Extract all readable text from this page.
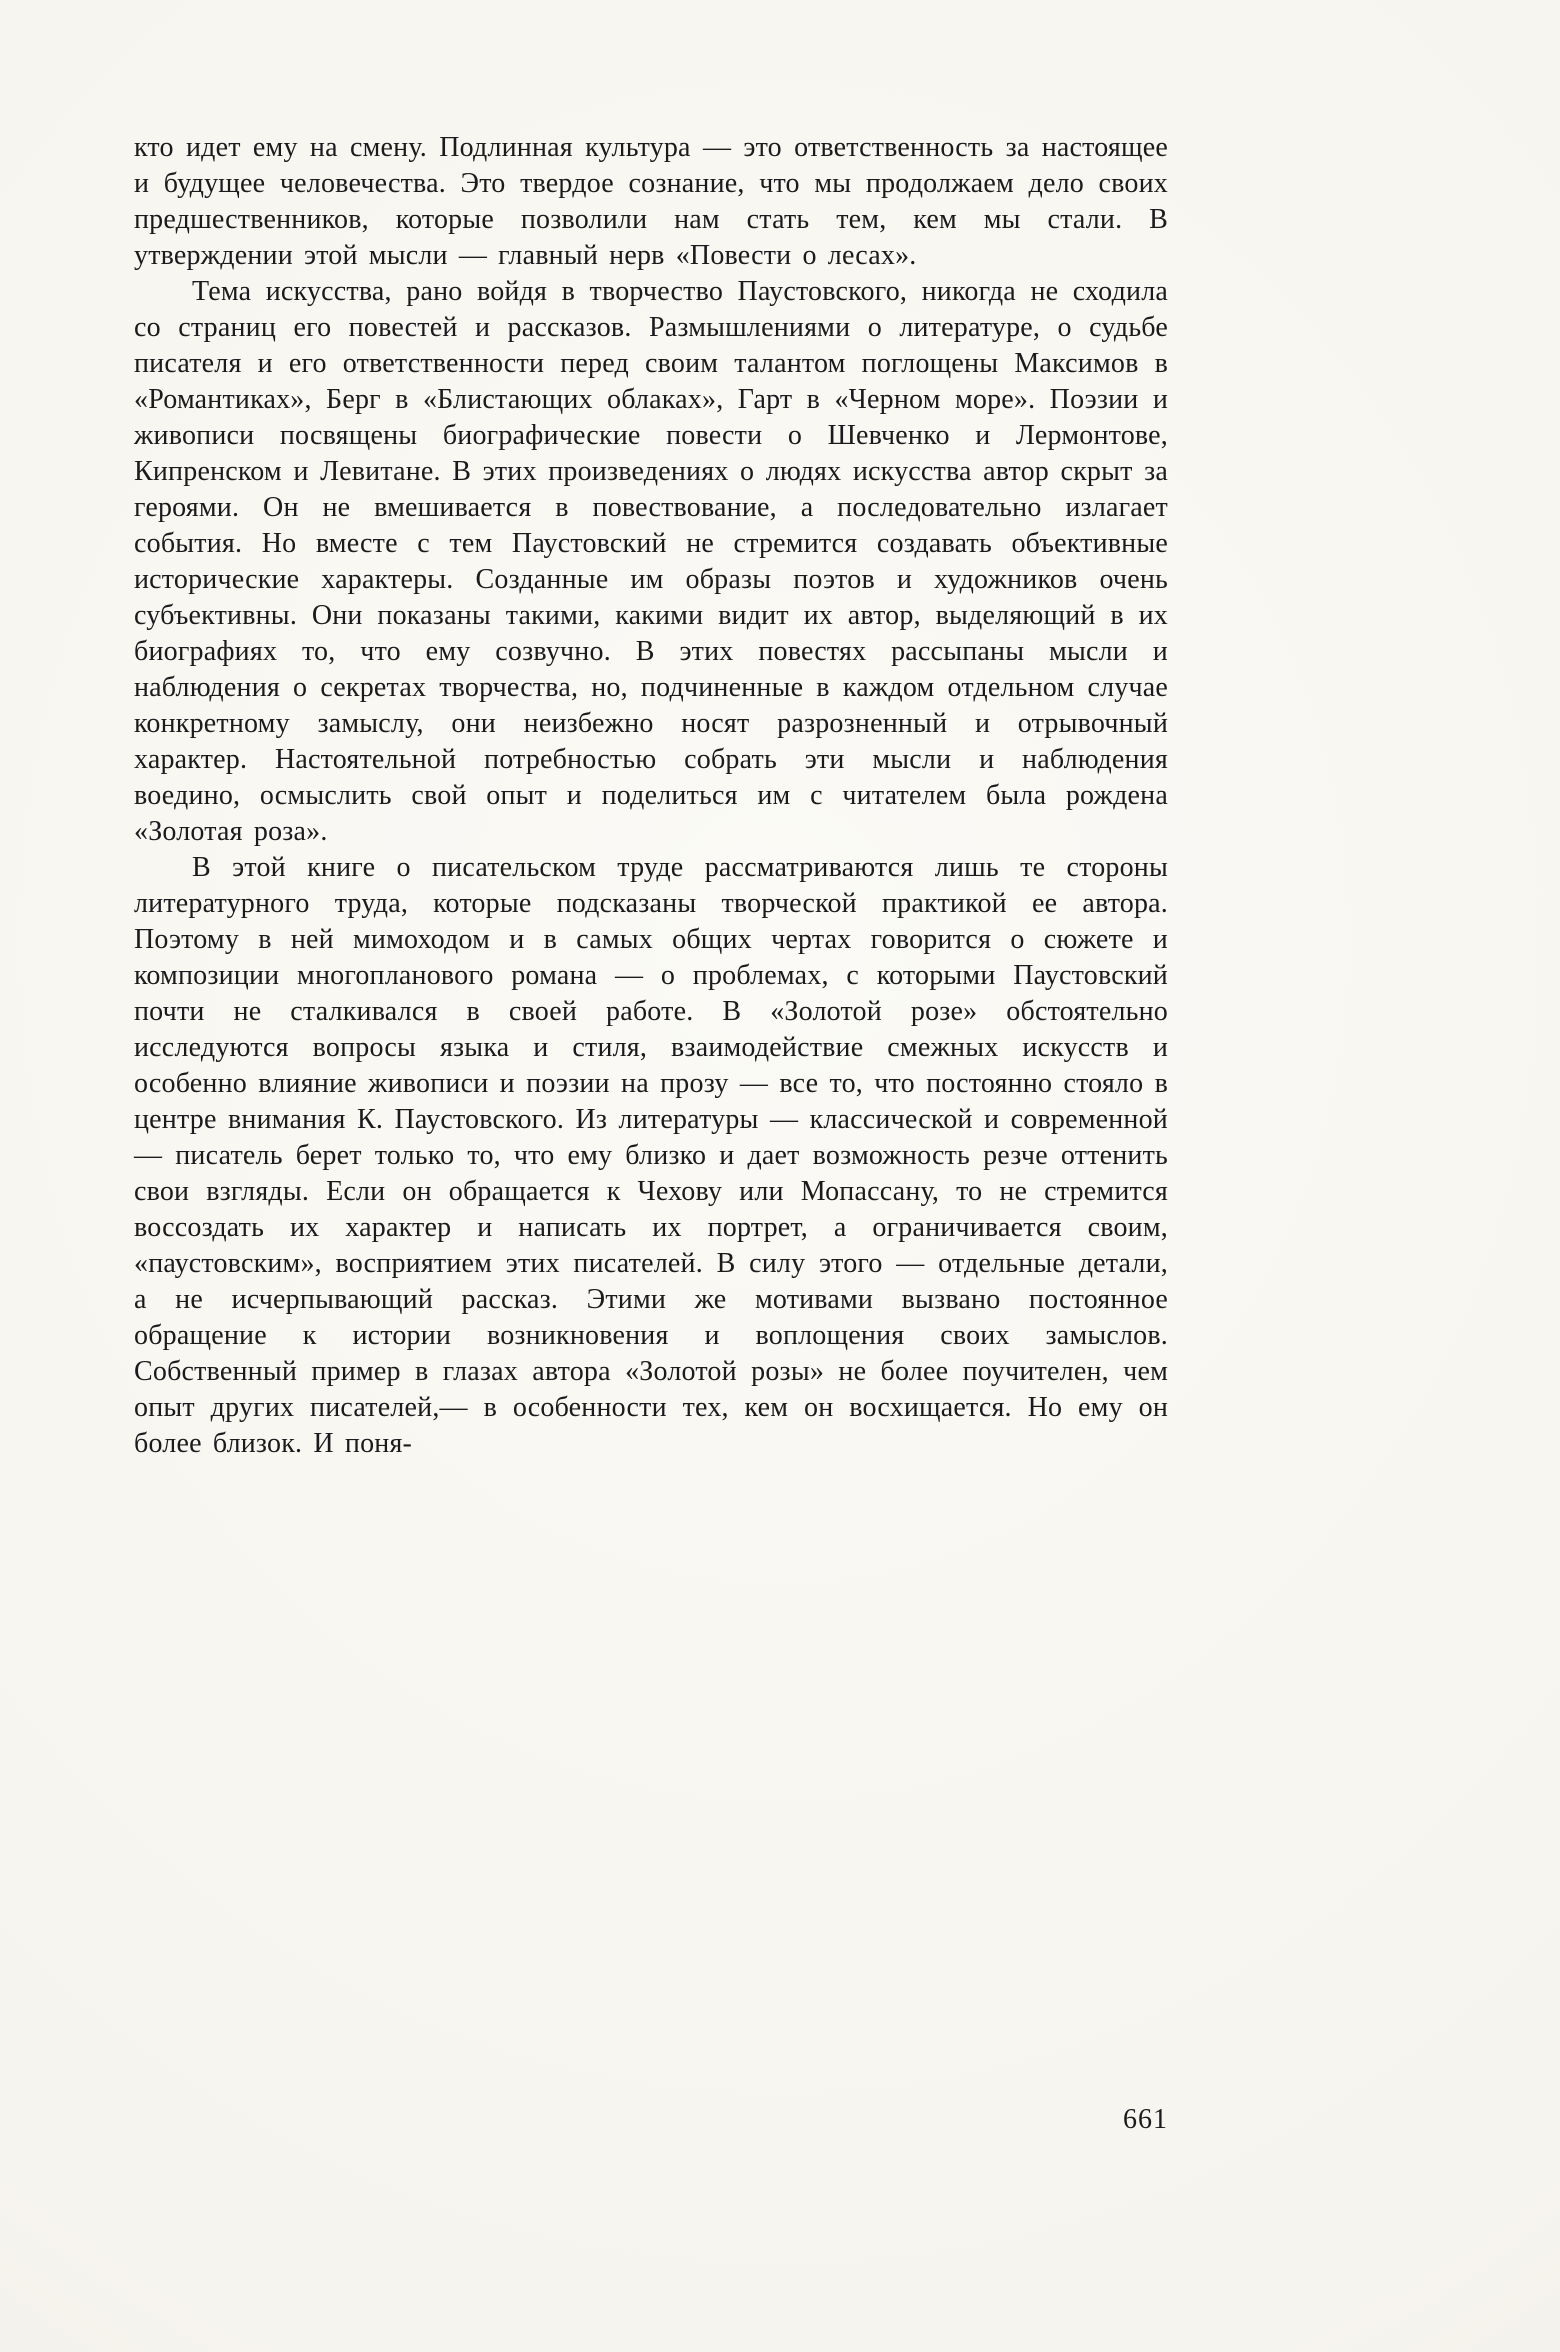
кто идет ему на смену. Подлинная культура — это ответственность за настоящее и будущее человечества. Это твердое сознание, что мы продолжаем дело своих предшественников, которые позволили нам стать тем, кем мы стали. В утверждении этой мысли — главный нерв «Повести о лесах».

Тема искусства, рано войдя в творчество Паустовского, никогда не сходила со страниц его повестей и рассказов. Размышлениями о литературе, о судьбе писателя и его ответственности перед своим талантом поглощены Максимов в «Романтиках», Берг в «Блистающих облаках», Гарт в «Черном море». Поэзии и живописи посвящены биографические повести о Шевченко и Лермонтове, Кипренском и Левитане. В этих произведениях о людях искусства автор скрыт за героями. Он не вмешивается в повествование, а последовательно излагает события. Но вместе с тем Паустовский не стремится создавать объективные исторические характеры. Созданные им образы поэтов и художников очень субъективны. Они показаны такими, какими видит их автор, выделяющий в их биографиях то, что ему созвучно. В этих повестях рассыпаны мысли и наблюдения о секретах творчества, но, подчиненные в каждом отдельном случае конкретному замыслу, они неизбежно носят разрозненный и отрывочный характер. Настоятельной потребностью собрать эти мысли и наблюдения воедино, осмыслить свой опыт и поделиться им с читателем была рождена «Золотая роза».

В этой книге о писательском труде рассматриваются лишь те стороны литературного труда, которые подсказаны творческой практикой ее автора. Поэтому в ней мимоходом и в самых общих чертах говорится о сюжете и композиции многопланового романа — о проблемах, с которыми Паустовский почти не сталкивался в своей работе. В «Золотой розе» обстоятельно исследуются вопросы языка и стиля, взаимодействие смежных искусств и особенно влияние живописи и поэзии на прозу — все то, что постоянно стояло в центре внимания К. Паустовского. Из литературы — классической и современной — писатель берет только то, что ему близко и дает возможность резче оттенить свои взгляды. Если он обращается к Чехову или Мопассану, то не стремится воссоздать их характер и написать их портрет, а ограничивается своим, «паустовским», восприятием этих писателей. В силу этого — отдельные детали, а не исчерпывающий рассказ. Этими же мотивами вызвано постоянное обращение к истории возникновения и воплощения своих замыслов. Собственный пример в глазах автора «Золотой розы» не более поучителен, чем опыт других писателей,— в особенности тех, кем он восхищается. Но ему он более близок. И поня-

661
